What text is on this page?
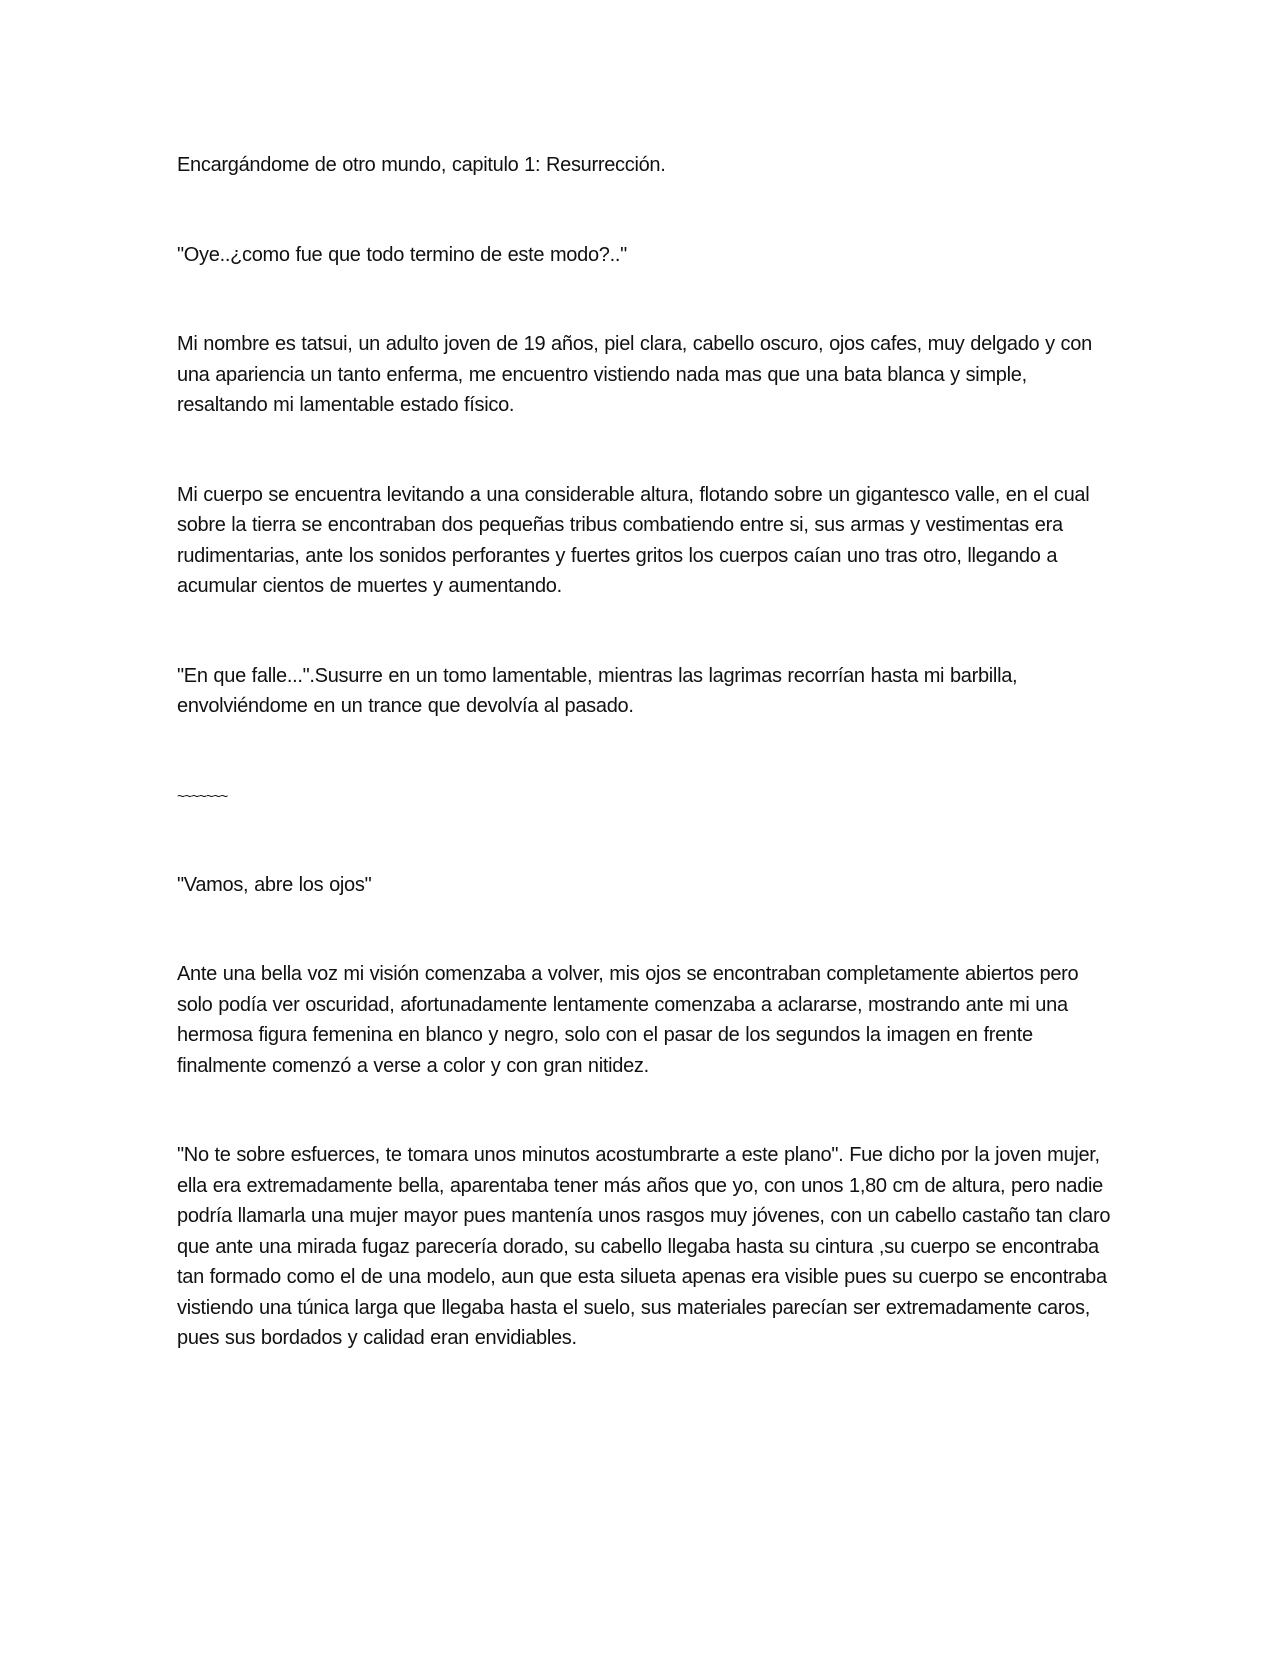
Encargándome de otro mundo, capitulo 1: Resurrección.

"Oye..¿como fue que todo termino de este modo?.."

Mi nombre es tatsui, un adulto joven de 19 años, piel clara, cabello oscuro, ojos cafes, muy delgado y con una apariencia un tanto enferma, me encuentro vistiendo nada mas que una bata blanca y simple, resaltando mi lamentable estado físico.

Mi cuerpo se encuentra levitando a una considerable altura, flotando sobre un gigantesco valle, en el cual sobre la tierra se encontraban dos pequeñas tribus combatiendo entre si, sus armas y vestimentas era rudimentarias, ante los sonidos perforantes y fuertes gritos los cuerpos caían uno tras otro, llegando a acumular cientos de muertes y aumentando.

"En que falle...".Susurre en un tomo lamentable, mientras las lagrimas recorrían hasta mi barbilla, envolviéndome en un trance que devolvía al pasado.

~~~~~~~

"Vamos, abre los ojos"

Ante una bella voz mi visión comenzaba a volver, mis ojos se encontraban completamente abiertos pero solo podía ver oscuridad, afortunadamente lentamente comenzaba a aclararse, mostrando ante mi una hermosa figura femenina en blanco y negro, solo con el pasar de los segundos la imagen en frente finalmente comenzó a verse a color y con gran nitidez.

"No te sobre esfuerces, te tomara unos minutos acostumbrarte a este plano". Fue dicho por la joven mujer, ella era extremadamente bella, aparentaba tener más años que yo, con unos 1,80 cm de altura, pero nadie podría llamarla una mujer mayor pues mantenía unos rasgos muy jóvenes, con un cabello castaño tan claro que ante una mirada fugaz parecería dorado, su cabello llegaba hasta su cintura ,su cuerpo se encontraba tan formado como el de una modelo, aun que esta silueta apenas era visible pues su cuerpo se encontraba vistiendo una túnica larga que llegaba hasta el suelo, sus materiales parecían ser extremadamente caros, pues sus bordados y calidad eran envidiables.
